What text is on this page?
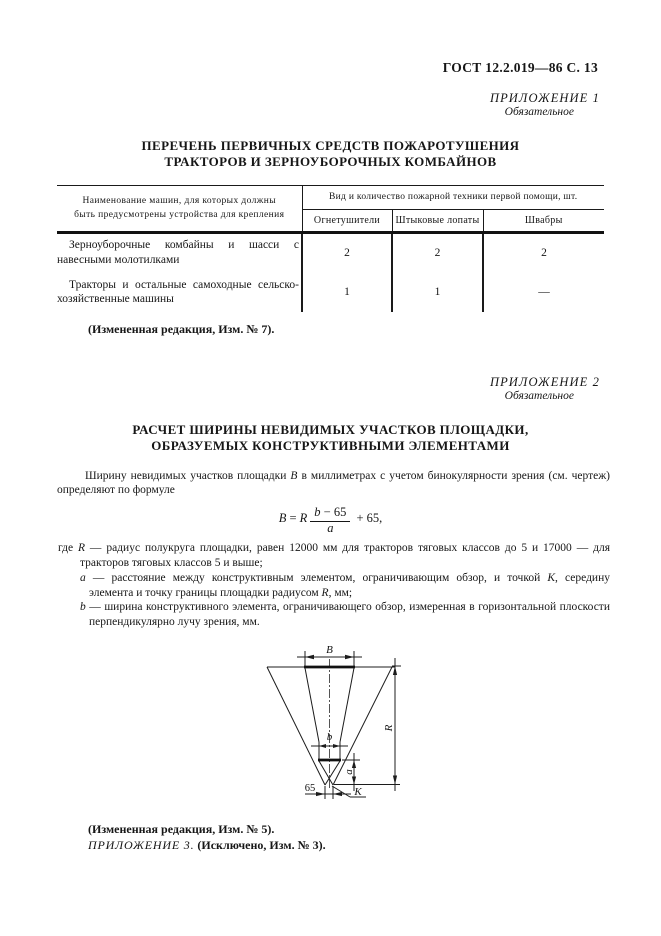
ГОСТ 12.2.019—86 С. 13
ПРИЛОЖЕНИЕ 1
Обязательное
ПЕРЕЧЕНЬ ПЕРВИЧНЫХ СРЕДСТВ ПОЖАРОТУШЕНИЯ
ТРАКТОРОВ И ЗЕРНОУБОРОЧНЫХ КОМБАЙНОВ
Наименование машин, для которых должны быть предусмотрены устройства для крепления	Вид и количество пожарной техники первой помощи, шт.		
	Огнетушители	Штыковые лопаты	Швабры
Зерноуборочные комбайны и шасси с навесными молотилками	2	2	2
Тракторы и остальные самоходные сельско-хозяйственные машины	1	1	—
(Измененная редакция, Изм. № 7).
ПРИЛОЖЕНИЕ 2
Обязательное
РАСЧЕТ ШИРИНЫ НЕВИДИМЫХ УЧАСТКОВ ПЛОЩАДКИ,
ОБРАЗУЕМЫХ КОНСТРУКТИВНЫМИ ЭЛЕМЕНТАМИ
Ширину невидимых участков площадки B в миллиметрах с учетом бинокулярности зрения (см. чертеж) определяют по формуле
B = R $\frac{b - 65}{a} + 65$,
где R — радиус полукруга площадки, равен 12000 мм для тракторов тяговых классов до 5 и 17000 — для тракторов тяговых классов 5 и выше;
a — расстояние между конструктивным элементом, ограничивающим обзор, и точкой K, середину элемента и точку границы площадки радиусом R, мм;
b — ширина конструктивного элемента, ограничивающего обзор, измеренная в горизонтальной плоскости перпендикулярно лучу зрения, мм.
B
b
65	K
a
R
(Измененная редакция, Изм. № 5).
ПРИЛОЖЕНИЕ 3. (Исключено, Изм. № 3).
